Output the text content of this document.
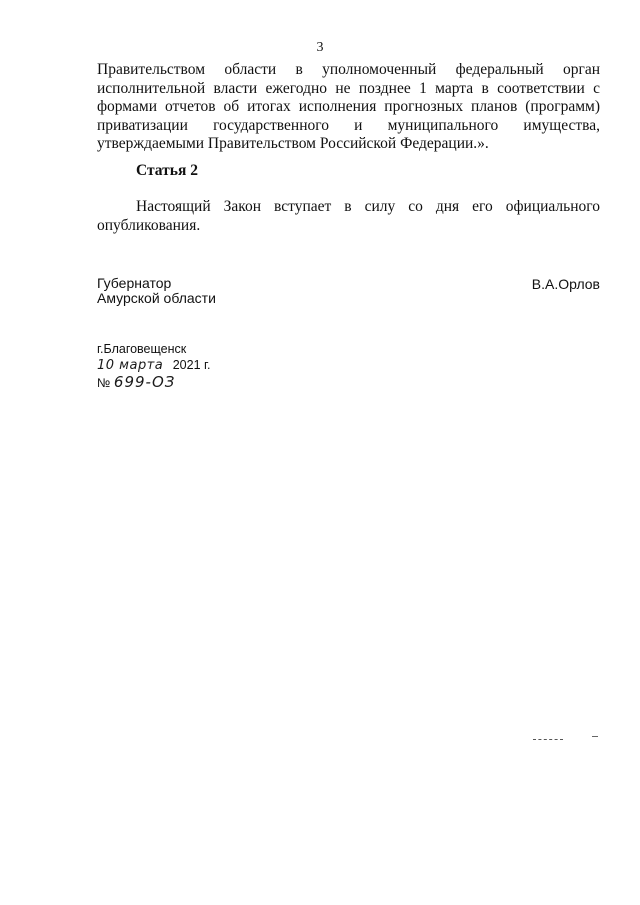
3
Правительством области в уполномоченный федеральный орган исполнительной власти ежегодно не позднее 1 марта в соответствии с формами отчетов об итогах исполнения прогнозных планов (программ) приватизации государственного и муниципального имущества, утверждаемыми Правительством Российской Федерации.».
Статья 2
Настоящий Закон вступает в силу со дня его официального опубликования.
Губернатор
Амурской области
В.А.Орлов
г.Благовещенск
10 марта 2021 г.
№ 699-ОЗ
